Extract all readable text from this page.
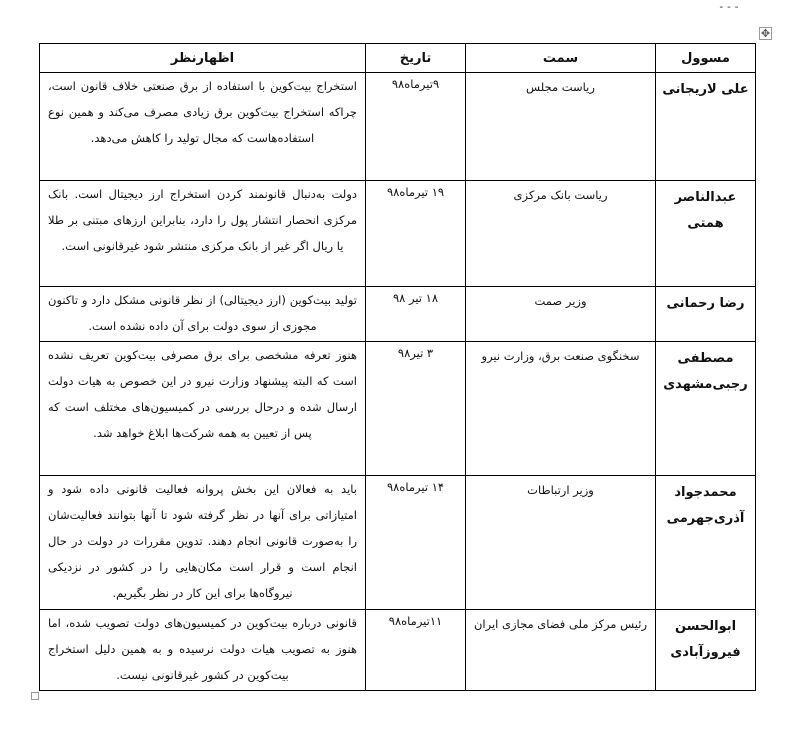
---
✥
مسوول	سمت	تاریخ	اظهارنظر
علی لاریجانی	ریاست مجلس	۹تیرماه۹۸	استخراج بیت‌کوین با استفاده از برق صنعتی خلاف قانون است، چراکه استخراج بیت‌کوین برق زیادی مصرف می‌کند و همین نوع استفاده‌هاست که مجال تولید را کاهش می‌دهد.
عبدالناصر همتی	ریاست بانک مرکزی	۱۹ تیرماه۹۸	دولت به‌دنبال قانونمند کردن استخراج ارز دیجیتال است. بانک مرکزی انحصار انتشار پول را دارد، بنابراین ارزهای مبتنی بر طلا یا ریال اگر غیر از بانک مرکزی منتشر شود غیرقانونی است.
رضا رحمانی	وزیر صمت	۱۸ تیر ۹۸	تولید بیت‌کوین (ارز دیجیتالی) از نظر قانونی مشکل دارد و تاکنون مجوزی از سوی دولت برای آن داده نشده است.
مصطفی رجبی‌مشهدی	سخنگوی صنعت برق، وزارت نیرو	۳ تیر۹۸	هنوز تعرفه مشخصی برای برق مصرفی بیت‌کوین تعریف نشده است که البته پیشنهاد وزارت نیرو در این خصوص به هیات دولت ارسال شده و درحال بررسی در کمیسیون‌های مختلف است که پس از تعیین به همه شرکت‌ها ابلاغ خواهد شد.
محمدجواد آذری‌جهرمی	وزیر ارتباطات	۱۴ تیرماه۹۸	باید به فعالان این بخش پروانه فعالیت قانونی داده شود و امتیازاتی برای آنها در نظر گرفته شود تا آنها بتوانند فعالیت‌شان را به‌صورت قانونی انجام دهند. تدوین مقررات در دولت در حال انجام است و قرار است مکان‌هایی را در کشور در نزدیکی نیروگاه‌ها برای این کار در نظر بگیریم.
ابوالحسن فیروزآبادی	رئیس مرکز ملی فضای مجازی ایران	۱۱تیرماه۹۸	قانونی درباره بیت‌کوین در کمیسیون‌های دولت تصویب شده، اما هنوز به تصویب هیات دولت نرسیده و به همین دلیل استخراج بیت‌کوین در کشور غیرقانونی نیست.
